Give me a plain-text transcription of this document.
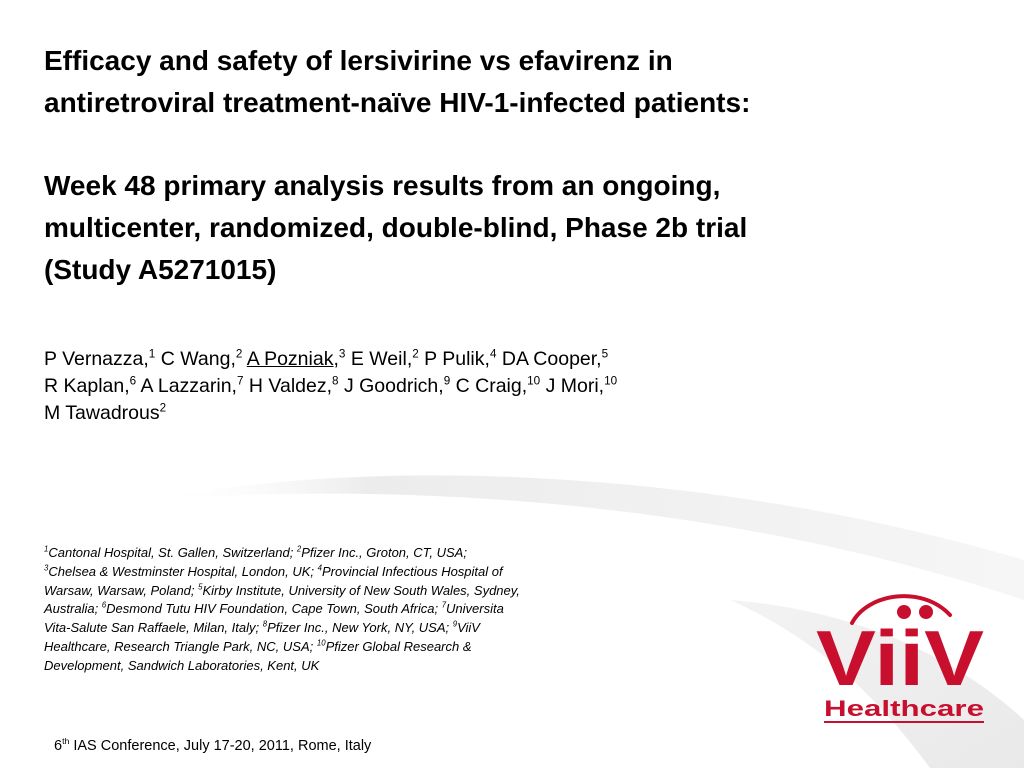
Efficacy and safety of lersivirine vs efavirenz in
antiretroviral treatment-naïve HIV-1-infected patients:
Week 48 primary analysis results from an ongoing,
multicenter, randomized, double-blind, Phase 2b trial
(Study A5271015)
P Vernazza,$^1$ C Wang,$^2$ A Pozniak,$^3$ E Weil,$^2$ P Pulik,$^4$ DA Cooper,$^5$
R Kaplan,$^6$ A Lazzarin,$^7$ H Valdez,$^8$ J Goodrich,$^9$ C Craig,$^{10}$ J Mori,$^{10}$
M Tawadrous$^2$
$^1$Cantonal Hospital, St. Gallen, Switzerland; $^2$Pfizer Inc., Groton, CT, USA;
$^3$Chelsea & Westminster Hospital, London, UK; $^4$Provincial Infectious Hospital of
Warsaw, Warsaw, Poland; $^5$Kirby Institute, University of New South Wales, Sydney,
Australia; $^6$Desmond Tutu HIV Foundation, Cape Town, South Africa; $^7$Universita
Vita-Salute San Raffaele, Milan, Italy; $^8$Pfizer Inc., New York, NY, USA; $^9$ViiV
Healthcare, Research Triangle Park, NC, USA; $^{10}$Pfizer Global Research &
Development, Sandwich Laboratories, Kent, UK
6th IAS Conference, July 17-20, 2011, Rome, Italy
ViiV
Healthcare
